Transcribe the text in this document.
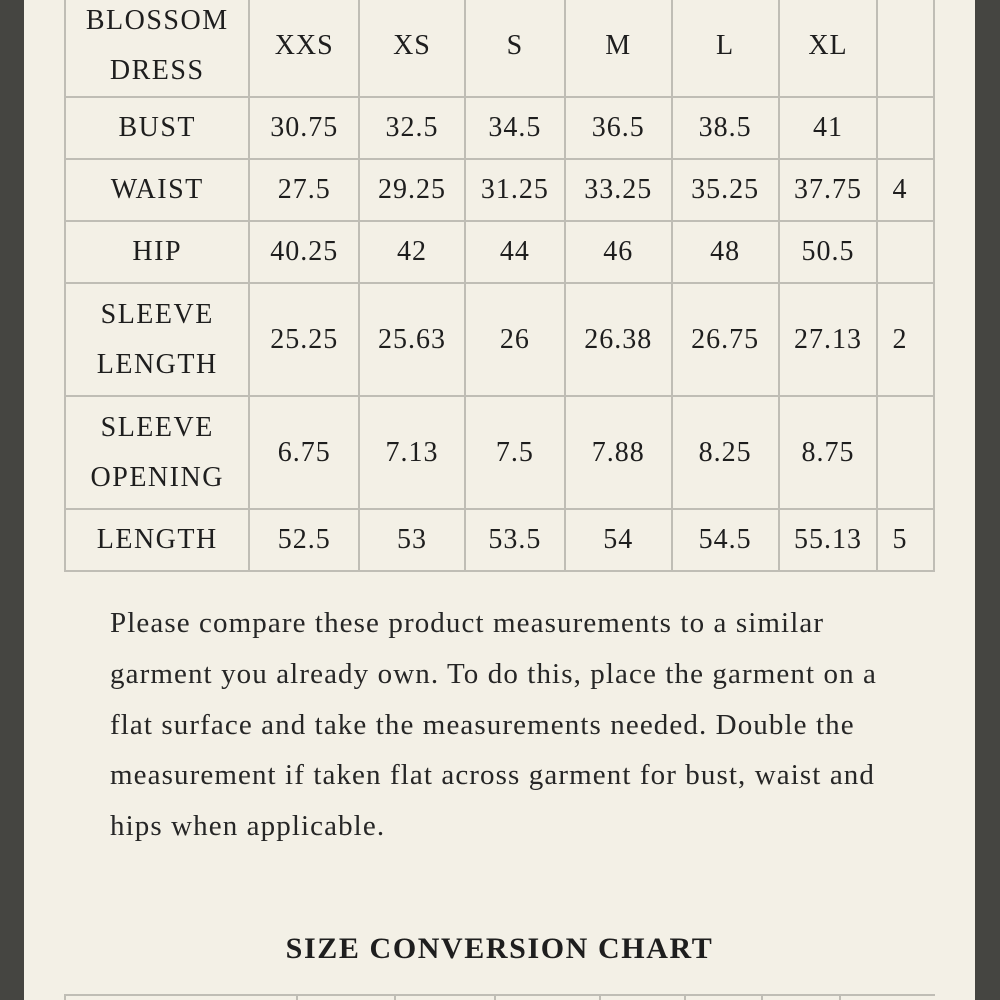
BLOSSOM
DRESS	XXS	XS	S	M	L	XL	
BUST	30.75	32.5	34.5	36.5	38.5	41	
WAIST	27.5	29.25	31.25	33.25	35.25	37.75	4
HIP	40.25	42	44	46	48	50.5	
SLEEVE
LENGTH	25.25	25.63	26	26.38	26.75	27.13	2
SLEEVE
OPENING	6.75	7.13	7.5	7.88	8.25	8.75	
LENGTH	52.5	53	53.5	54	54.5	55.13	5

Please compare these product measurements to a similar garment you already own. To do this, place the garment on a flat surface and take the measurements needed. Double the measurement if taken flat across garment for bust, waist and hips when applicable.

SIZE CONVERSION CHART
